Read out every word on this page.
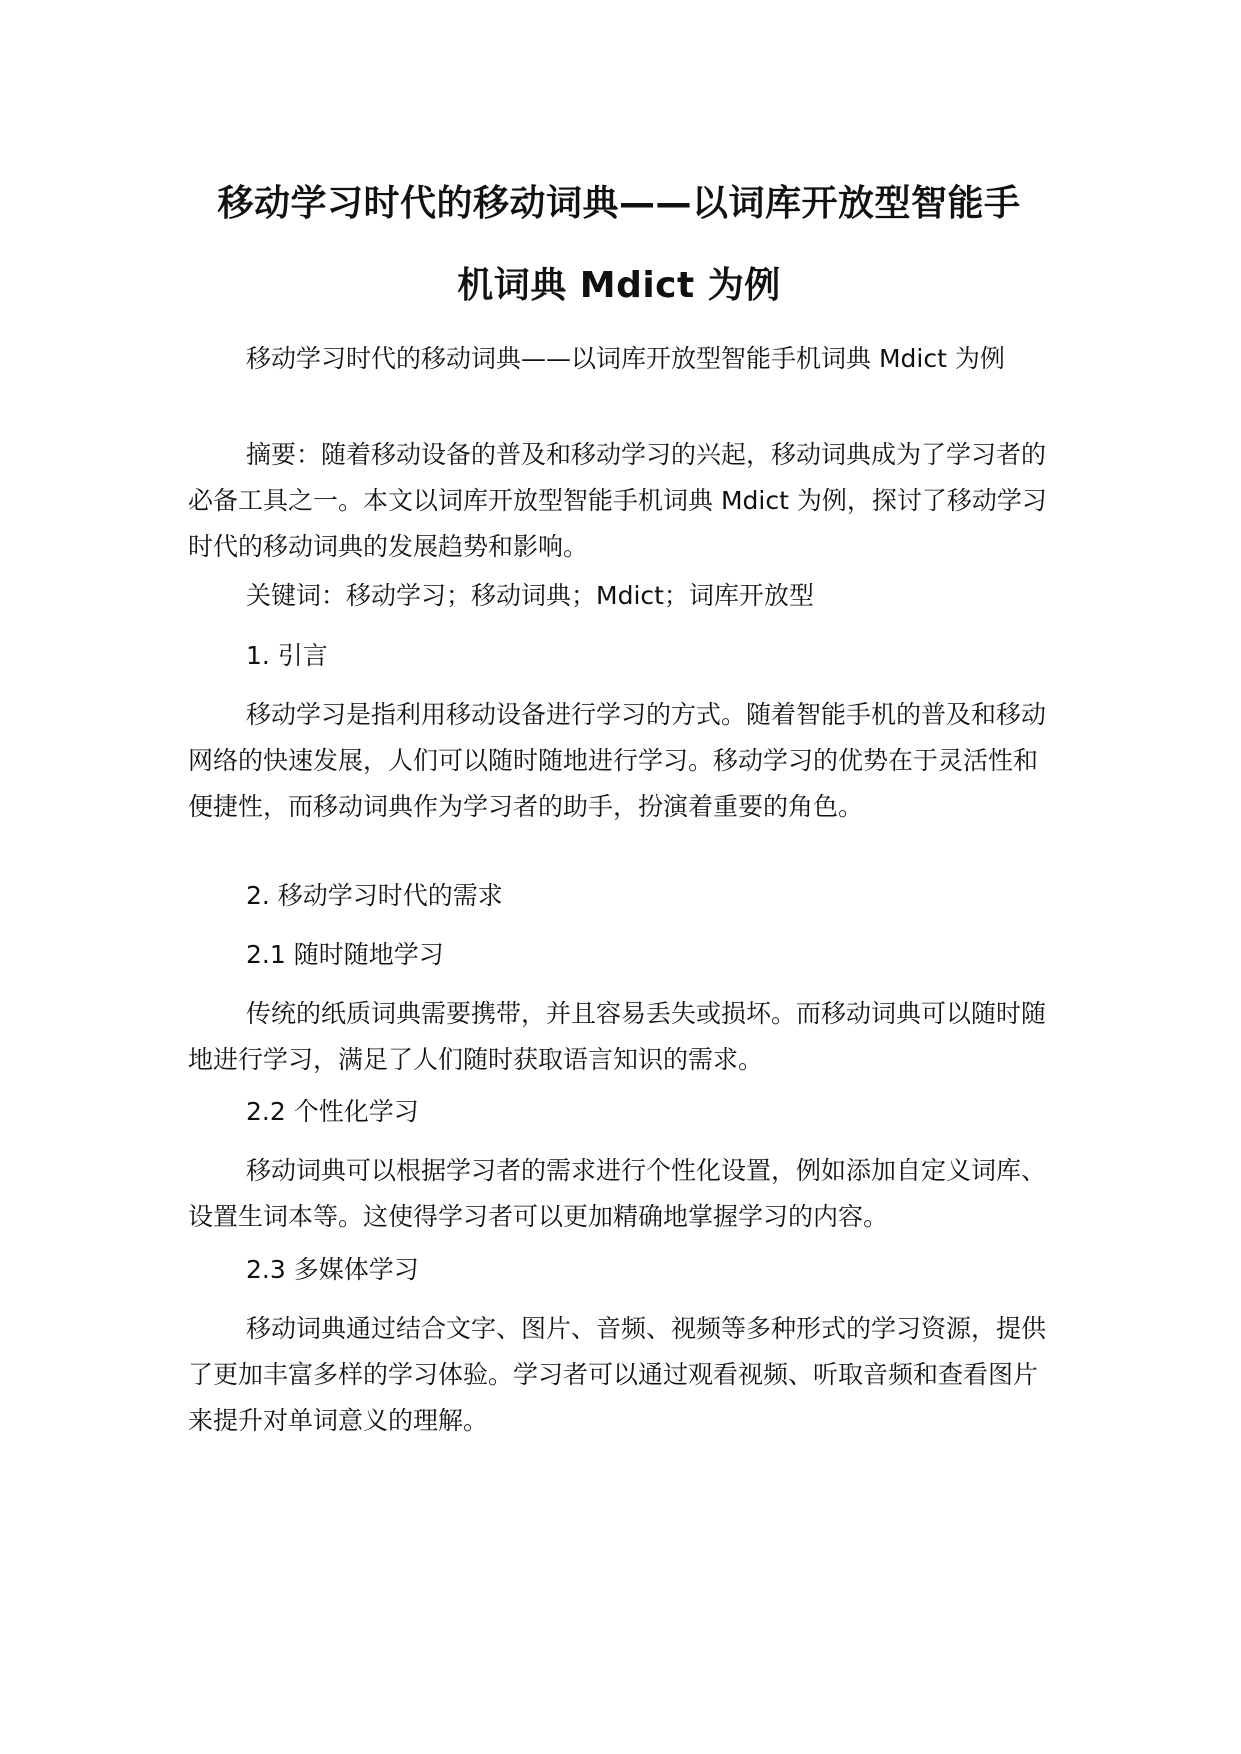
移动学习时代的移动词典——以词库开放型智能手
机词典 Mdict 为例

移动学习时代的移动词典——以词库开放型智能手机词典 Mdict 为例

摘要：随着移动设备的普及和移动学习的兴起，移动词典成为了学习者的必备工具之一。本文以词库开放型智能手机词典 Mdict 为例，探讨了移动学习时代的移动词典的发展趋势和影响。

关键词：移动学习；移动词典；Mdict；词库开放型

1. 引言

移动学习是指利用移动设备进行学习的方式。随着智能手机的普及和移动网络的快速发展，人们可以随时随地进行学习。移动学习的优势在于灵活性和便捷性，而移动词典作为学习者的助手，扮演着重要的角色。

2. 移动学习时代的需求

2.1 随时随地学习

传统的纸质词典需要携带，并且容易丢失或损坏。而移动词典可以随时随地进行学习，满足了人们随时获取语言知识的需求。

2.2 个性化学习

移动词典可以根据学习者的需求进行个性化设置，例如添加自定义词库、设置生词本等。这使得学习者可以更加精确地掌握学习的内容。

2.3 多媒体学习

移动词典通过结合文字、图片、音频、视频等多种形式的学习资源，提供了更加丰富多样的学习体验。学习者可以通过观看视频、听取音频和查看图片来提升对单词意义的理解。
